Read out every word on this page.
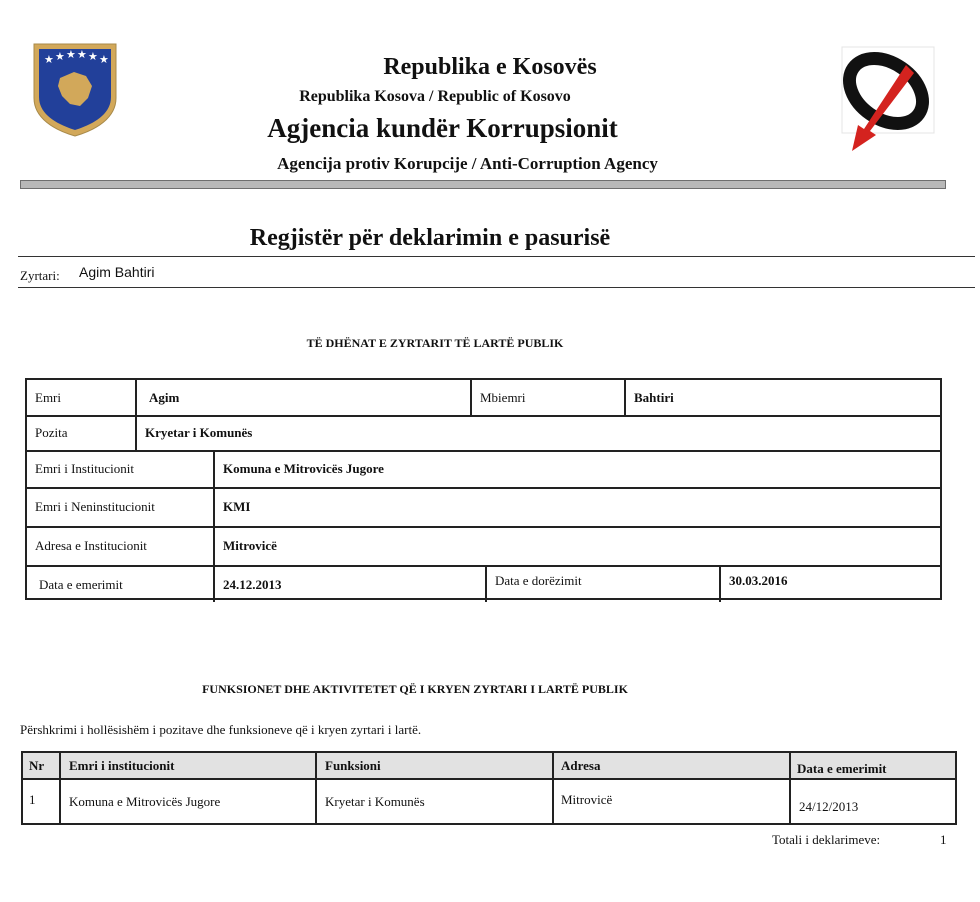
★ ★ ★ ★ ★ ★	Republika e Kosovës
Republika Kosova / Republic of Kosovo
Agjencia kundër Korrupsionit
Agencija protiv Korupcije / Anti-Corruption Agency
Regjistër për deklarimin e pasurisë
Zyrtari: Agim Bahtiri
TË DHËNAT E ZYRTARIT TË LARTË PUBLIK
Emri	Agim	Mbiemri	Bahtiri
Pozita	Kryetar i Komunës
Emri i Institucionit	Komuna e Mitrovicës Jugore
Emri i Neninstitucionit	KMI
Adresa e Institucionit	Mitrovicë
Data e emerimit	24.12.2013	Data e dorëzimit	30.03.2016
FUNKSIONET DHE AKTIVITETET QË I KRYEN ZYRTARI I LARTË PUBLIK
Përshkrimi i hollësishëm i pozitave dhe funksioneve që i kryen zyrtari i lartë.
Nr	Emri i institucionit	Funksioni	Adresa	Data e emerimit
1	Komuna e Mitrovicës Jugore	Kryetar i Komunës	Mitrovicë	24/12/2013
Totali i deklarimeve:	1
